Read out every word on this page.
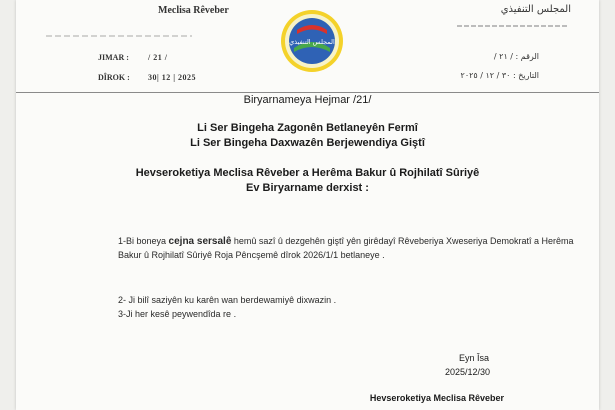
Meclisa Rêveber	المجلس التنفيذي
المجلس التنفيذي
JIMAR : / 21 /
DÎROK : 30| 12 | 2025
الرقم : / ٢١ /
التاريخ : ٣٠ / ١٢ / ٢٠٢٥
Biryarnameya Hejmar /21/
Li Ser Bingeha Zagonên Betlaneyên Fermî
Li Ser Bingeha Daxwazên Berjewendiya Giştî
Hevseroketiya Meclisa Rêveber a Herêma Bakur û Rojhilatî Sûriyê
Ev Biryarname derxist :
1-Bi boneya cejna sersalê hemû sazî û dezgehên giştî yên girêdayî Rêveberiya Xweseriya Demokratî a Herêma Bakur û Rojhilatî Sûriyê Roja Pêncşemê dîrok 2026/1/1 betlaneye .
2- Ji bilî saziyên ku karên wan berdewamiyê dixwazin .
3-Ji her kesê peywendîda re .
Eyn Îsa
2025/12/30
Hevseroketiya Meclisa Rêveber
